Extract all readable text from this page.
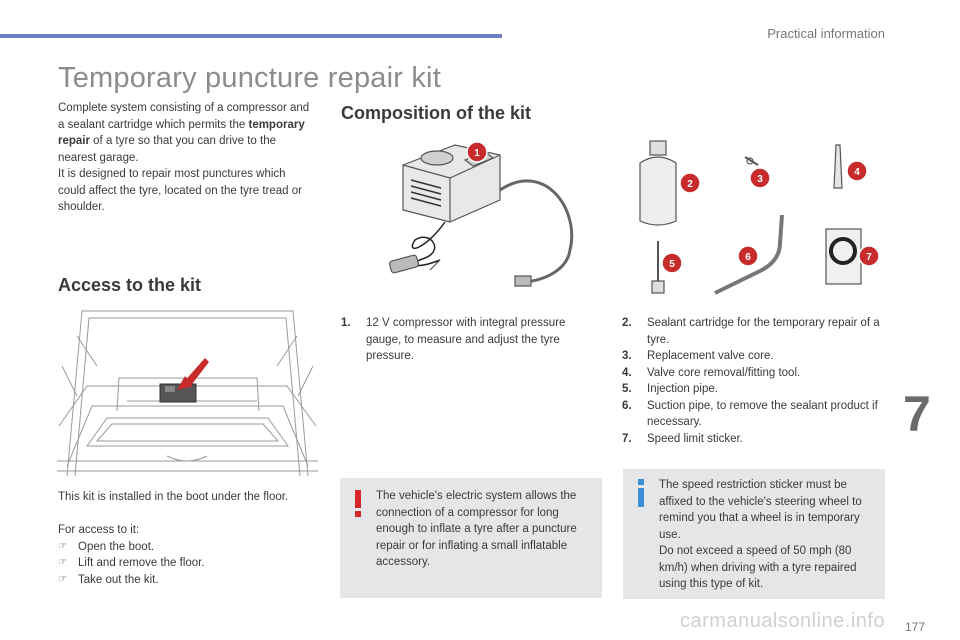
Practical information
Temporary puncture repair kit

Complete system consisting of a compressor and a sealant cartridge which permits the temporary repair of a tyre so that you can drive to the nearest garage.

It is designed to repair most punctures which could affect the tyre, located on the tyre tread or shoulder.

Access to the kit
This kit is installed in the boot under the floor.
For access to it:
☞ Open the boot.
☞ Lift and remove the floor.
☞ Take out the kit.
Composition of the kit
1
2	3
4
5
6	7
1. 12 V compressor with integral pressure gauge, to measure and adjust the tyre pressure.
2. Sealant cartridge for the temporary repair of a tyre.
3. Replacement valve core.
4. Valve core removal/fitting tool.
5. Injection pipe.
6. Suction pipe, to remove the sealant product if necessary.
7. Speed limit sticker.
The vehicle's electric system allows the connection of a compressor for long enough to inflate a tyre after a puncture repair or for inflating a small inflatable accessory.
The speed restriction sticker must be affixed to the vehicle's steering wheel to remind you that a wheel is in temporary use.
Do not exceed a speed of 50 mph (80 km/h) when driving with a tyre repaired using this type of kit.
7
carmanualsonline.info 177
